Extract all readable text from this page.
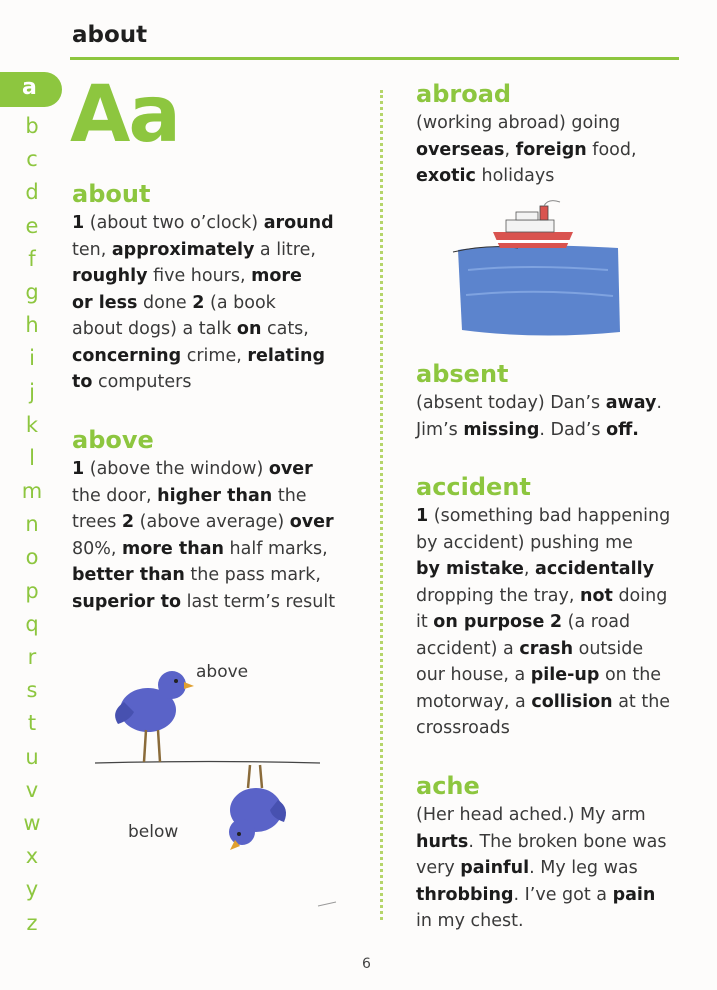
about
a
b
c
d
e
f
g
h
i
j
k
l
m
n
o
p
q
r
s
t
u
v
w
x
y
z
Aa
about
1 (about two o’clock) around
ten, approximately a litre,
roughly five hours, more
or less done 2 (a book
about dogs) a talk on cats,
concerning crime, relating
to computers
above
1 (above the window) over
the door, higher than the
trees 2 (above average) over
80%, more than half marks,
better than the pass mark,
superior to last term’s result
above
below
abroad
(working abroad) going
overseas, foreign food,
exotic holidays
absent
(absent today) Dan’s away.
Jim’s missing. Dad’s off.
accident
1 (something bad happening
by accident) pushing me
by mistake, accidentally
dropping the tray, not doing
it on purpose 2 (a road
accident) a crash outside
our house, a pile-up on the
motorway, a collision at the
crossroads
ache
(Her head ached.) My arm
hurts. The broken bone was
very painful. My leg was
throbbing. I’ve got a pain
in my chest.
6
